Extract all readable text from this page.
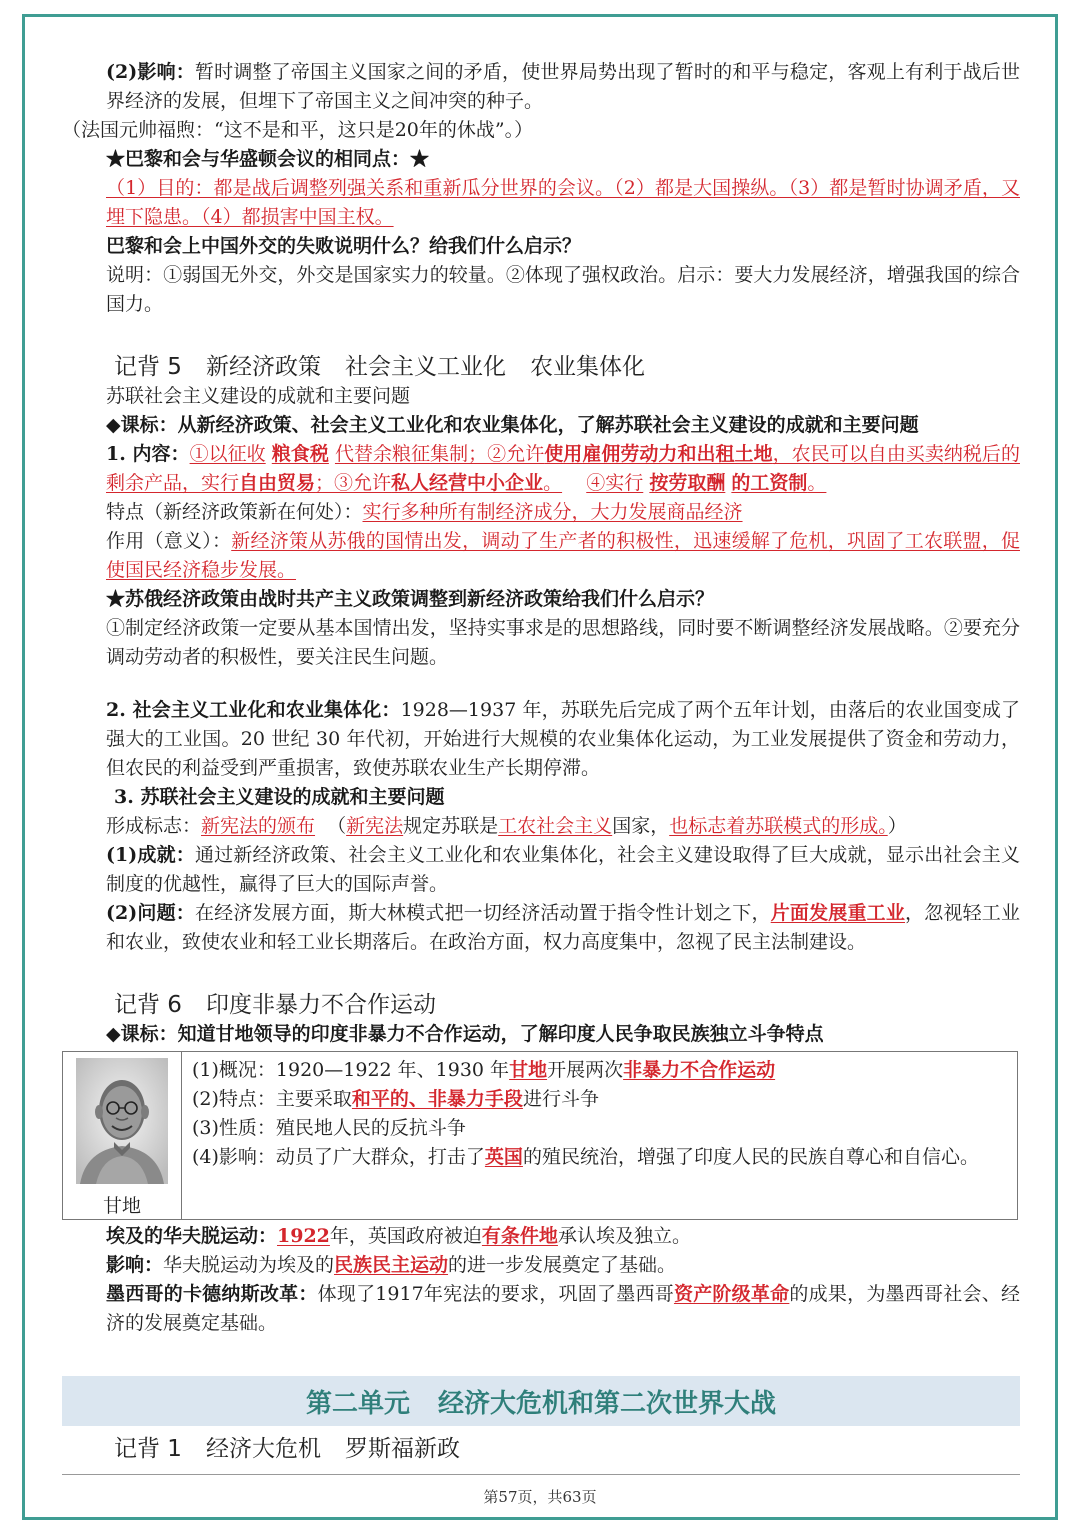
(2)影响：暂时调整了帝国主义国家之间的矛盾，使世界局势出现了暂时的和平与稳定，客观上有利于战后世界经济的发展，但埋下了帝国主义之间冲突的种子。

（法国元帅福煦：“这不是和平，这只是20年的休战”。）

★巴黎和会与华盛顿会议的相同点：★

（1）目的：都是战后调整列强关系和重新瓜分世界的会议。（2）都是大国操纵。（3）都是暂时协调矛盾，又埋下隐患。（4）都损害中国主权。

巴黎和会上中国外交的失败说明什么？给我们什么启示？

说明：①弱国无外交，外交是国家实力的较量。②体现了强权政治。启示：要大力发展经济，增强我国的综合国力。

记背 5 新经济政策 社会主义工业化 农业集体化

苏联社会主义建设的成就和主要问题

◆课标：从新经济政策、社会主义工业化和农业集体化，了解苏联社会主义建设的成就和主要问题

1. 内容：①以征收 粮食税 代替余粮征集制；②允许使用雇佣劳动力和出租土地，农民可以自由买卖纳税后的剩余产品，实行自由贸易；③允许私人经营中小企业。 ④实行 按劳取酬 的工资制。

特点（新经济政策新在何处）：实行多种所有制经济成分，大力发展商品经济

作用（意义）：新经济策从苏俄的国情出发，调动了生产者的积极性，迅速缓解了危机，巩固了工农联盟，促使国民经济稳步发展。

★苏俄经济政策由战时共产主义政策调整到新经济政策给我们什么启示？

①制定经济政策一定要从基本国情出发，坚持实事求是的思想路线，同时要不断调整经济发展战略。②要充分调动劳动者的积极性，要关注民生问题。

2. 社会主义工业化和农业集体化：1928—1937 年，苏联先后完成了两个五年计划，由落后的农业国变成了强大的工业国。20 世纪 30 年代初，开始进行大规模的农业集体化运动，为工业发展提供了资金和劳动力，但农民的利益受到严重损害，致使苏联农业生产长期停滞。

3. 苏联社会主义建设的成就和主要问题

形成标志：新宪法的颁布 （新宪法规定苏联是工农社会主义国家，也标志着苏联模式的形成。）

(1)成就：通过新经济政策、社会主义工业化和农业集体化，社会主义建设取得了巨大成就，显示出社会主义制度的优越性，赢得了巨大的国际声誉。

(2)问题：在经济发展方面，斯大林模式把一切经济活动置于指令性计划之下，片面发展重工业，忽视轻工业和农业，致使农业和轻工业长期落后。在政治方面，权力高度集中，忽视了民主法制建设。

记背 6 印度非暴力不合作运动

◆课标：知道甘地领导的印度非暴力不合作运动，了解印度人民争取民族独立斗争特点

甘地

(1)概况：1920—1922 年、1930 年甘地开展两次非暴力不合作运动

(2)特点：主要采取和平的、非暴力手段进行斗争

(3)性质：殖民地人民的反抗斗争

(4)影响：动员了广大群众，打击了英国的殖民统治，增强了印度人民的民族自尊心和自信心。

埃及的华夫脱运动：1922年，英国政府被迫有条件地承认埃及独立。

影响：华夫脱运动为埃及的民族民主运动的进一步发展奠定了基础。

墨西哥的卡德纳斯改革：体现了1917年宪法的要求，巩固了墨西哥资产阶级革命的成果，为墨西哥社会、经济的发展奠定基础。

第二单元 经济大危机和第二次世界大战
记背 1 经济大危机 罗斯福新政
第57页，共63页
